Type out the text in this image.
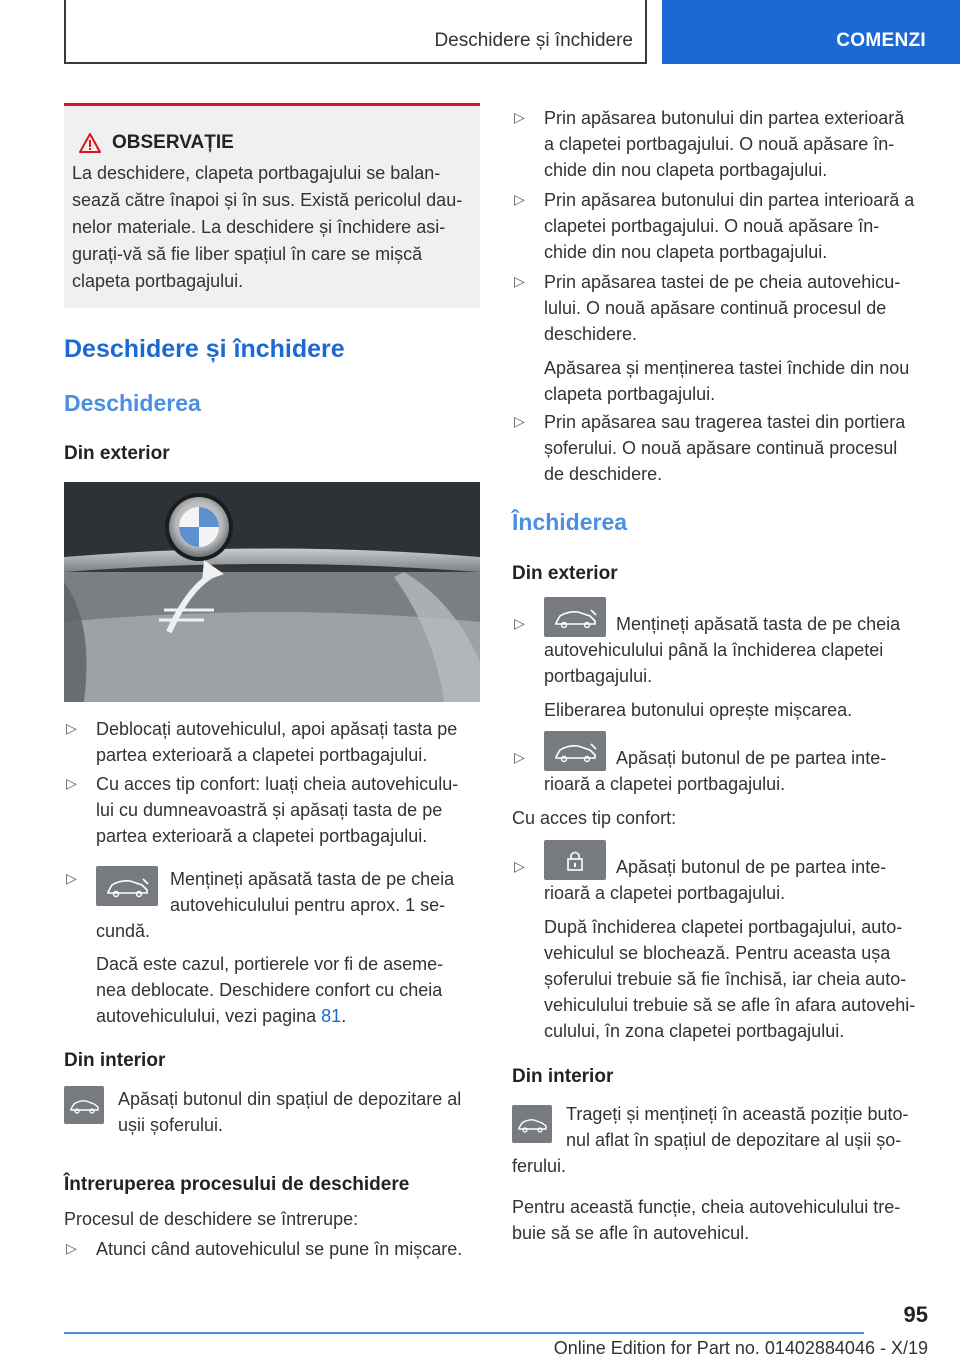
Deschidere și închidere	COMENZI
OBSERVAȚIE
La deschidere, clapeta portbagajului se balan-
sează către înapoi și în sus. Există pericolul dau-
nelor materiale. La deschidere și închidere asi-
gurați-vă să fie liber spațiul în care se mișcă
clapeta portbagajului.
Deschidere și închidere
Deschiderea
Din exterior
▷	Deblocați autovehiculul, apoi apăsați tasta pe
partea exterioară a clapetei portbagajului.
▷	Cu acces tip confort: luați cheia autovehiculu-
lui cu dumneavoastră și apăsați tasta de pe
partea exterioară a clapetei portbagajului.
▷	Mențineți apăsată tasta de pe cheia
autovehiculului pentru aprox. 1 se-
cundă.
Dacă este cazul, portierele vor fi de aseme-
nea deblocate. Deschidere confort cu cheia
autovehiculului, vezi pagina 81.
Din interior
Apăsați butonul din spațiul de depozitare al
ușii șoferului.
Întreruperea procesului de deschidere
Procesul de deschidere se întrerupe:
▷	Atunci când autovehiculul se pune în mișcare.
▷	Prin apăsarea butonului din partea exterioară
a clapetei portbagajului. O nouă apăsare în-
chide din nou clapeta portbagajului.
▷	Prin apăsarea butonului din partea interioară a
clapetei portbagajului. O nouă apăsare în-
chide din nou clapeta portbagajului.
▷	Prin apăsarea tastei de pe cheia autovehicu-
lului. O nouă apăsare continuă procesul de
deschidere.
Apăsarea și menținerea tastei închide din nou
clapeta portbagajului.
▷	Prin apăsarea sau tragerea tastei din portiera
șoferului. O nouă apăsare continuă procesul
de deschidere.
Închiderea
Din exterior
▷	Mențineți apăsată tasta de pe cheia
autovehiculului până la închiderea clapetei
portbagajului.
Eliberarea butonului oprește mișcarea.
▷	Apăsați butonul de pe partea inte-
rioară a clapetei portbagajului.
Cu acces tip confort:
▷	Apăsați butonul de pe partea inte-
rioară a clapetei portbagajului.
După închiderea clapetei portbagajului, auto-
vehiculul se blochează. Pentru aceasta ușa
șoferului trebuie să fie închisă, iar cheia auto-
vehiculului trebuie să se afle în afara autovehi-
culului, în zona clapetei portbagajului.
Din interior
Trageți și mențineți în această poziție buto-
nul aflat în spațiul de depozitare al ușii șo-
ferului.
Pentru această funcție, cheia autovehiculului tre-
buie să se afle în autovehicul.
95
Online Edition for Part no. 01402884046 - X/19
